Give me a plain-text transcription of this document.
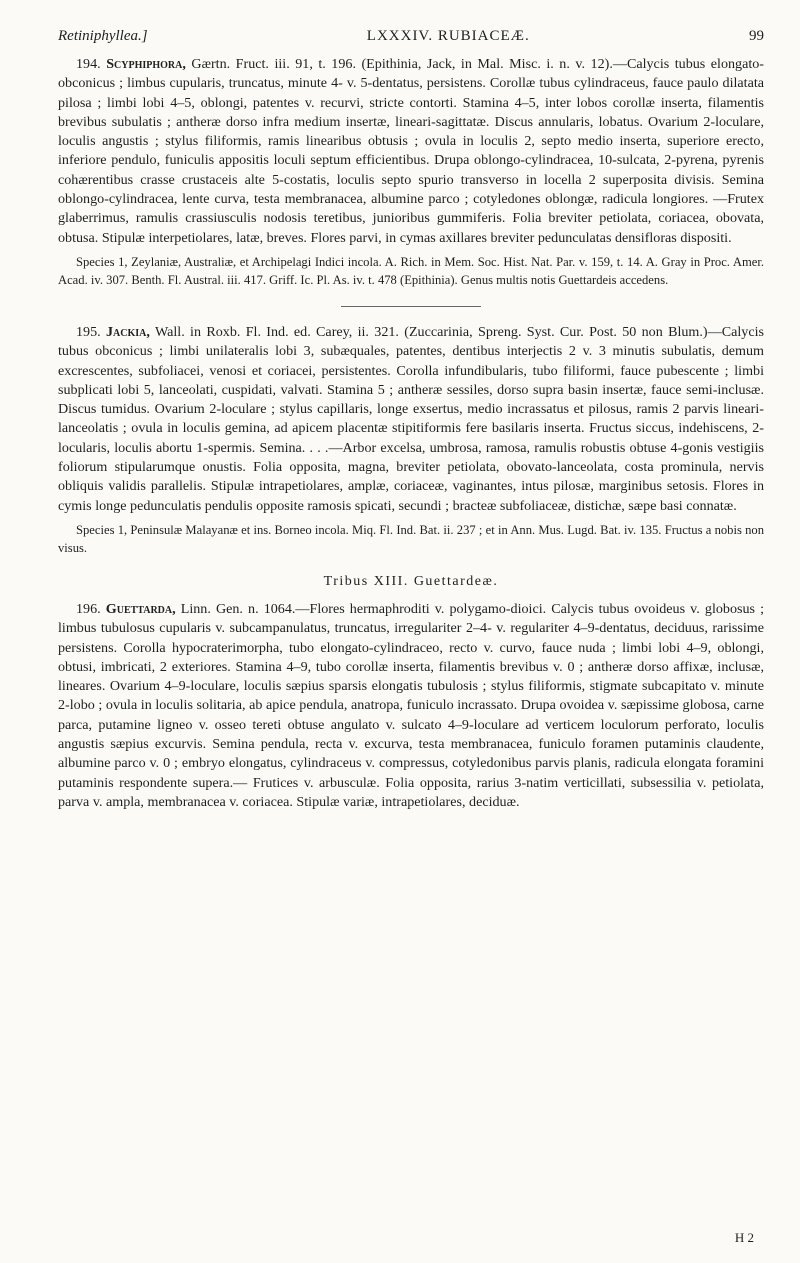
Retiniphyllea.]	LXXXIV. RUBIACEÆ.	99

194. Scyphiphora, Gærtn. Fruct. iii. 91, t. 196. (Epithinia, Jack, in Mal. Misc. i. n. v. 12).—Calycis tubus elongato-obconicus ; limbus cupularis, truncatus, minute 4- v. 5-dentatus, persistens. Corollæ tubus cylindraceus, fauce paulo dilatata pilosa ; limbi lobi 4–5, oblongi, patentes v. recurvi, stricte contorti. Stamina 4–5, inter lobos corollæ inserta, filamentis brevibus subulatis ; antheræ dorso infra medium insertæ, lineari-sagittatæ. Discus annularis, lobatus. Ovarium 2-loculare, loculis angustis ; stylus filiformis, ramis linearibus obtusis ; ovula in loculis 2, septo medio inserta, superiore erecto, inferiore pendulo, funiculis appositis loculi septum efficientibus. Drupa oblongo-cylindracea, 10-sulcata, 2-pyrena, pyrenis cohærentibus crasse crustaceis alte 5-costatis, loculis septo spurio transverso in locella 2 superposita divisis. Semina oblongo-cylindracea, lente curva, testa membranacea, albumine parco ; cotyledones oblongæ, radicula longiores. —Frutex glaberrimus, ramulis crassiusculis nodosis teretibus, junioribus gummiferis. Folia breviter petiolata, coriacea, obovata, obtusa. Stipulæ interpetiolares, latæ, breves. Flores parvi, in cymas axillares breviter pedunculatas densifloras dispositi.

Species 1, Zeylaniæ, Australiæ, et Archipelagi Indici incola. A. Rich. in Mem. Soc. Hist. Nat. Par. v. 159, t. 14. A. Gray in Proc. Amer. Acad. iv. 307. Benth. Fl. Austral. iii. 417. Griff. Ic. Pl. As. iv. t. 478 (Epithinia). Genus multis notis Guettardeis accedens.

195. Jackia, Wall. in Roxb. Fl. Ind. ed. Carey, ii. 321. (Zuccarinia, Spreng. Syst. Cur. Post. 50 non Blum.)—Calycis tubus obconicus ; limbi unilateralis lobi 3, subæquales, patentes, dentibus interjectis 2 v. 3 minutis subulatis, demum excrescentes, subfoliacei, venosi et coriacei, persistentes. Corolla infundibularis, tubo filiformi, fauce pubescente ; limbi subplicati lobi 5, lanceolati, cuspidati, valvati. Stamina 5 ; antheræ sessiles, dorso supra basin insertæ, fauce semi-inclusæ. Discus tumidus. Ovarium 2-loculare ; stylus capillaris, longe exsertus, medio incrassatus et pilosus, ramis 2 parvis lineari-lanceolatis ; ovula in loculis gemina, ad apicem placentæ stipitiformis fere basilaris inserta. Fructus siccus, indehiscens, 2-locularis, loculis abortu 1-spermis. Semina. . . .—Arbor excelsa, umbrosa, ramosa, ramulis robustis obtuse 4-gonis vestigiis foliorum stipularumque onustis. Folia opposita, magna, breviter petiolata, obovato-lanceolata, costa prominula, nervis obliquis validis parallelis. Stipulæ intrapetiolares, amplæ, coriaceæ, vaginantes, intus pilosæ, marginibus setosis. Flores in cymis longe pedunculatis pendulis opposite ramosis spicati, secundi ; bracteæ subfoliaceæ, distichæ, sæpe basi connatæ.

Species 1, Peninsulæ Malayanæ et ins. Borneo incola. Miq. Fl. Ind. Bat. ii. 237 ; et in Ann. Mus. Lugd. Bat. iv. 135. Fructus a nobis non visus.

Tribus XIII. Guettardeæ.

196. Guettarda, Linn. Gen. n. 1064.—Flores hermaphroditi v. polygamo-dioici. Calycis tubus ovoideus v. globosus ; limbus tubulosus cupularis v. subcampanulatus, truncatus, irregulariter 2–4- v. regulariter 4–9-dentatus, deciduus, rarissime persistens. Corolla hypocraterimorpha, tubo elongato-cylindraceo, recto v. curvo, fauce nuda ; limbi lobi 4–9, oblongi, obtusi, imbricati, 2 exteriores. Stamina 4–9, tubo corollæ inserta, filamentis brevibus v. 0 ; antheræ dorso affixæ, inclusæ, lineares. Ovarium 4–9-loculare, loculis sæpius sparsis elongatis tubulosis ; stylus filiformis, stigmate subcapitato v. minute 2-lobo ; ovula in loculis solitaria, ab apice pendula, anatropa, funiculo incrassato. Drupa ovoidea v. sæpissime globosa, carne parca, putamine ligneo v. osseo tereti obtuse angulato v. sulcato 4–9-loculare ad verticem loculorum perforato, loculis angustis sæpius excurvis. Semina pendula, recta v. excurva, testa membranacea, funiculo foramen putaminis claudente, albumine parco v. 0 ; embryo elongatus, cylindraceus v. compressus, cotyledonibus parvis planis, radicula elongata foramini putaminis respondente supera.— Frutices v. arbusculæ. Folia opposita, rarius 3-natim verticillati, subsessilia v. petiolata, parva v. ampla, membranacea v. coriacea. Stipulæ variæ, intrapetiolares, deciduæ.

H 2
